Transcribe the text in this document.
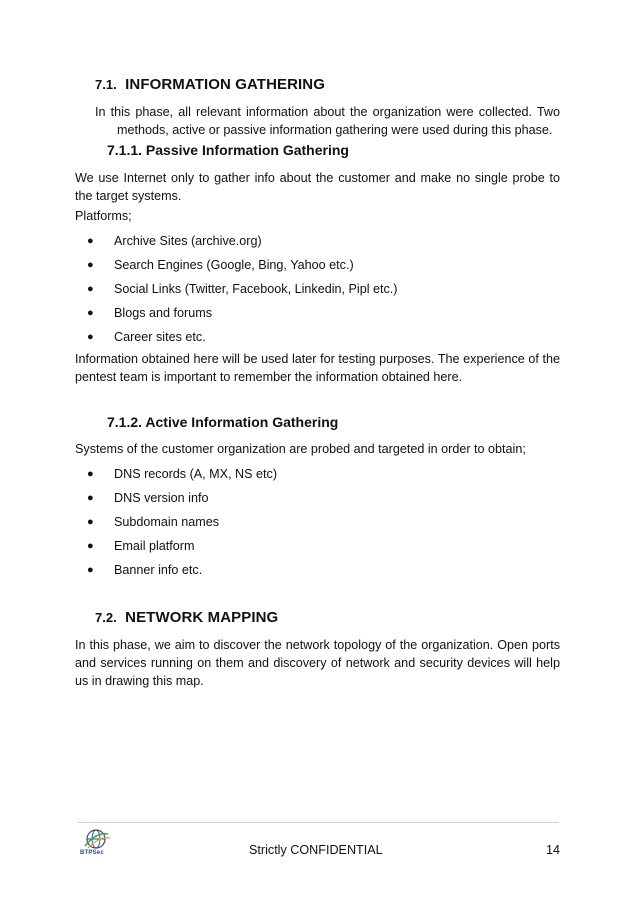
7.1. INFORMATION GATHERING
In this phase, all relevant information about the organization were collected. Two
methods, active or passive information gathering were used during this phase.
7.1.1. Passive Information Gathering
We use Internet only to gather info about the customer and make no single probe to the target systems.
Platforms;
● Archive Sites (archive.org)
● Search Engines (Google, Bing, Yahoo etc.)
● Social Links (Twitter, Facebook, Linkedin, Pipl etc.)
● Blogs and forums
● Career sites etc.
Information obtained here will be used later for testing purposes. The experience of the pentest team is important to remember the information obtained here.
7.1.2. Active Information Gathering
Systems of the customer organization are probed and targeted in order to obtain;
● DNS records (A, MX, NS etc)
● DNS version info
● Subdomain names
● Email platform
● Banner info etc.
7.2. NETWORK MAPPING
In this phase, we aim to discover the network topology of the organization. Open ports and services running on them and discovery of network and security devices will help us in drawing this map.
BTPSec	Strictly CONFIDENTIAL	14
